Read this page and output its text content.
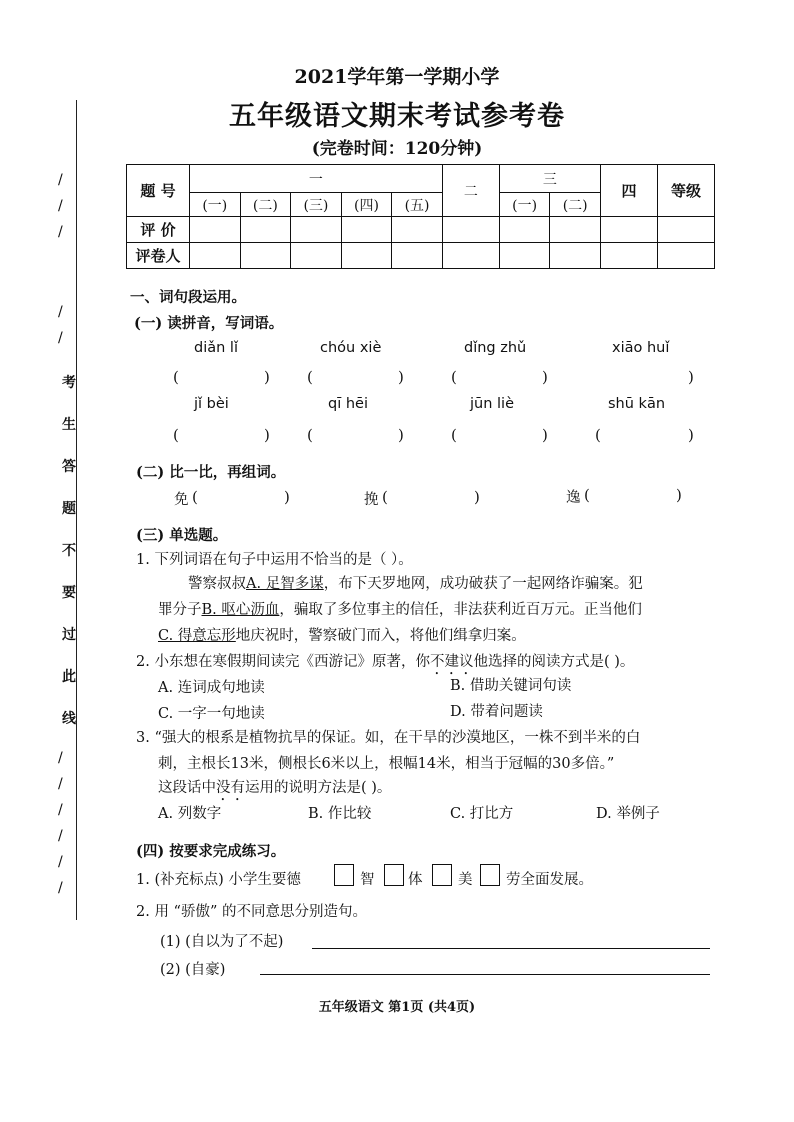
/
/
/
/
/
考
生
答
题
不
要
过
此
线
/
/
/
/
/
/
2021学年第一学期小学
五年级语文期末考试参考卷
(完卷时间：120分钟)
题 号	一					二	三		四	等级
	(一)	(二)	(三)	(四)	(五)		(一)	(二)		
评 价										
评卷人										
一、词句段运用。
(一) 读拼音，写词语。
diǎn lǐ	chóu xiè	dǐng zhǔ	xiāo huǐ
(	) (	)	(	)	)
jǐ bèi	qī hēi	jūn liè	shū kān
(	) (	)	(	)	(	)
(二) 比一比，再组词。
免 (	)	挽 (	)	逸 (	)
(三) 单选题。
1. 下列词语在句子中运用不恰当的是（ ）。
警察叔叔A. 足智多谋，布下天罗地网，成功破获了一起网络诈骗案。犯
罪分子B. 呕心沥血，骗取了多位事主的信任，非法获利近百万元。正当他们
C. 得意忘形地庆祝时，警察破门而入，将他们缉拿归案。
2. 小东想在寒假期间读完《西游记》原著，你不建议他选择的阅读方式是( )。
A. 连词成句地读	B. 借助关键词句读
C. 一字一句地读	D. 带着问题读
3. “强大的根系是植物抗旱的保证。如，在干旱的沙漠地区，一株不到半米的白
刺，主根长13米，侧根长6米以上，根幅14米，相当于冠幅的30多倍。”
这段话中没有运用的说明方法是( )。
A. 列数字	B. 作比较	C. 打比方	D. 举例子
(四) 按要求完成练习。
1. (补充标点) 小学生要德	智 体 美 劳全面发展。
2. 用 “骄傲” 的不同意思分别造句。
(1) (自以为了不起)
(2) (自豪)
五年级语文 第1页 (共4页)
